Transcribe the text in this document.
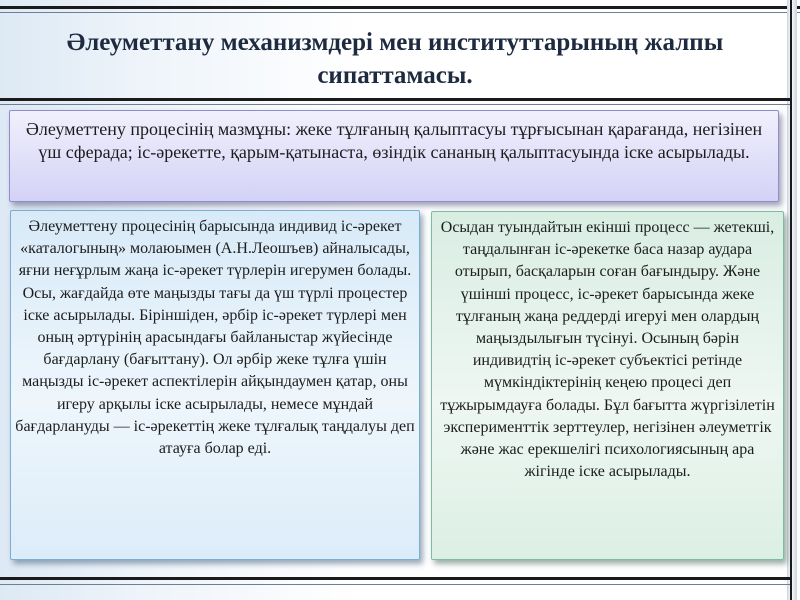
Әлеуметтану механизмдері мен институттарының жалпы сипаттамасы.
Әлеуметтену процесінің мазмұны: жеке тұлғаның қалыптасуы тұрғысынан қарағанда, негізінен үш сферада; іс-әрекетте, қарым-қатынаста, өзіндік сананың қалыптасуында іске асырылады.
Әлеуметтену процесінің барысында индивид іс-әрекет «каталогының» молаюымен (А.Н.Леошъев) айналысады, яғни неғұрлым жаңа іс-әрекет түрлерін игерумен болады. Осы, жағдайда өте маңызды тағы да үш түрлі процестер іске асырылады. Біріншіден, әрбір іс-әрекет түрлері мен оның әртүрінің арасындағы байланыстар жүйесінде бағдарлану (бағыттану). Ол әрбір жеке тұлға үшін маңызды іс-әрекет аспектілерін айқындаумен қатар, оны игеру арқылы іске асырылады, немесе мұндай бағдарлануды — іс-әрекеттің жеке тұлғалық таңдалуы деп атауға болар еді.
Осыдан туындайтын екінші процесс — жетекші, таңдалынған іс-әрекетке баса назар аудара отырып, басқаларын соған бағындыру. Және үшінші процесс, іс-әрекет барысында жеке тұлғаның жаңа реддерді игеруі мен олардың маңыздылығын түсінуі. Осының бәрін индивидтің іс-әрекет субъектісі ретінде мүмкіндіктерінің кеңею процесі деп тұжырымдауға болады. Бұл бағытта жүргізілетін эксперименттік зерттеулер, негізінен әлеуметгік және жас ерекшелігі психологиясының ара жігінде іске асырылады.
